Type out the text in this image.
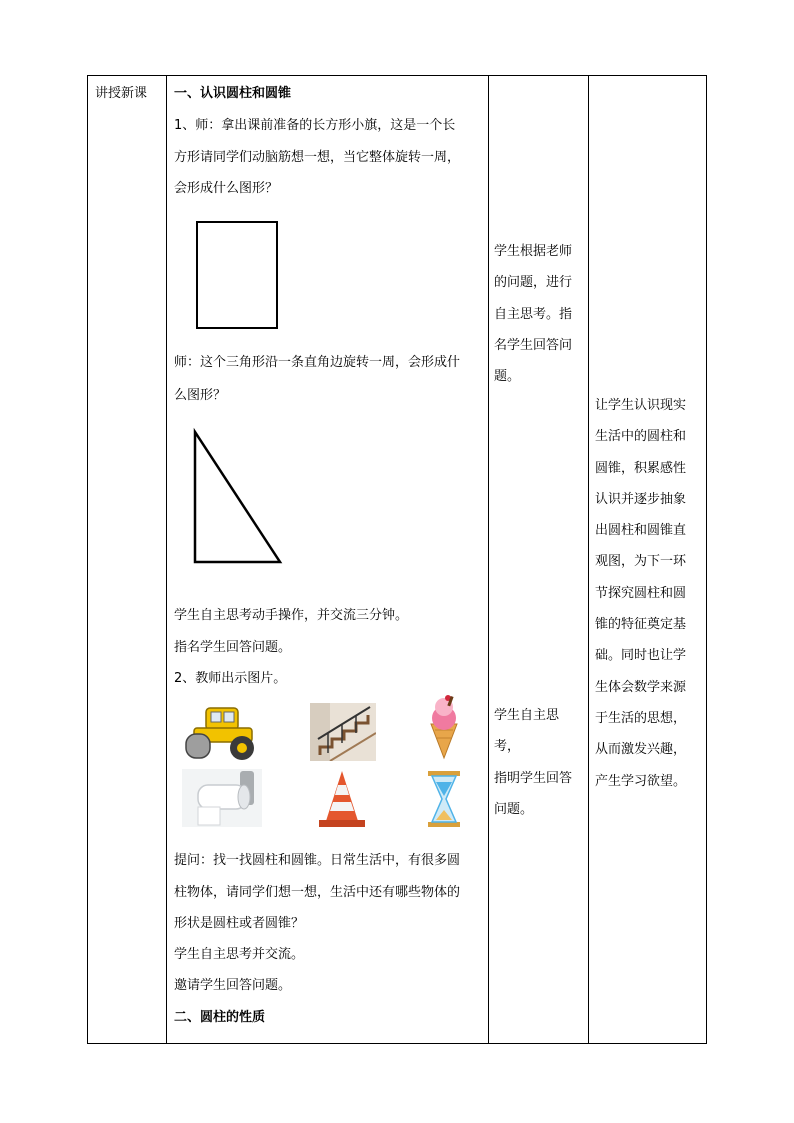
讲授新课 一、认识圆柱和圆锥
1、师：拿出课前准备的长方形小旗，这是一个长
方形请同学们动脑筋想一想，当它整体旋转一周，
会形成什么图形？
师：这个三角形沿一条直角边旋转一周，会形成什
么图形？
学生自主思考动手操作，并交流三分钟。
指名学生回答问题。
2、教师出示图片。
提问：找一找圆柱和圆锥。日常生活中，有很多圆
柱物体，请同学们想一想，生活中还有哪些物体的
形状是圆柱或者圆锥？
学生自主思考并交流。
邀请学生回答问题。
二、圆柱的性质
学生根据老师
的问题，进行
自主思考。指
名学生回答问
题。
学生自主思考，
指明学生回答
问题。
让学生认识现实
生活中的圆柱和
圆锥，积累感性
认识并逐步抽象
出圆柱和圆锥直
观图，为下一环
节探究圆柱和圆
锥的特征奠定基
础。同时也让学
生体会数学来源
于生活的思想，
从而激发兴趣，
产生学习欲望。
